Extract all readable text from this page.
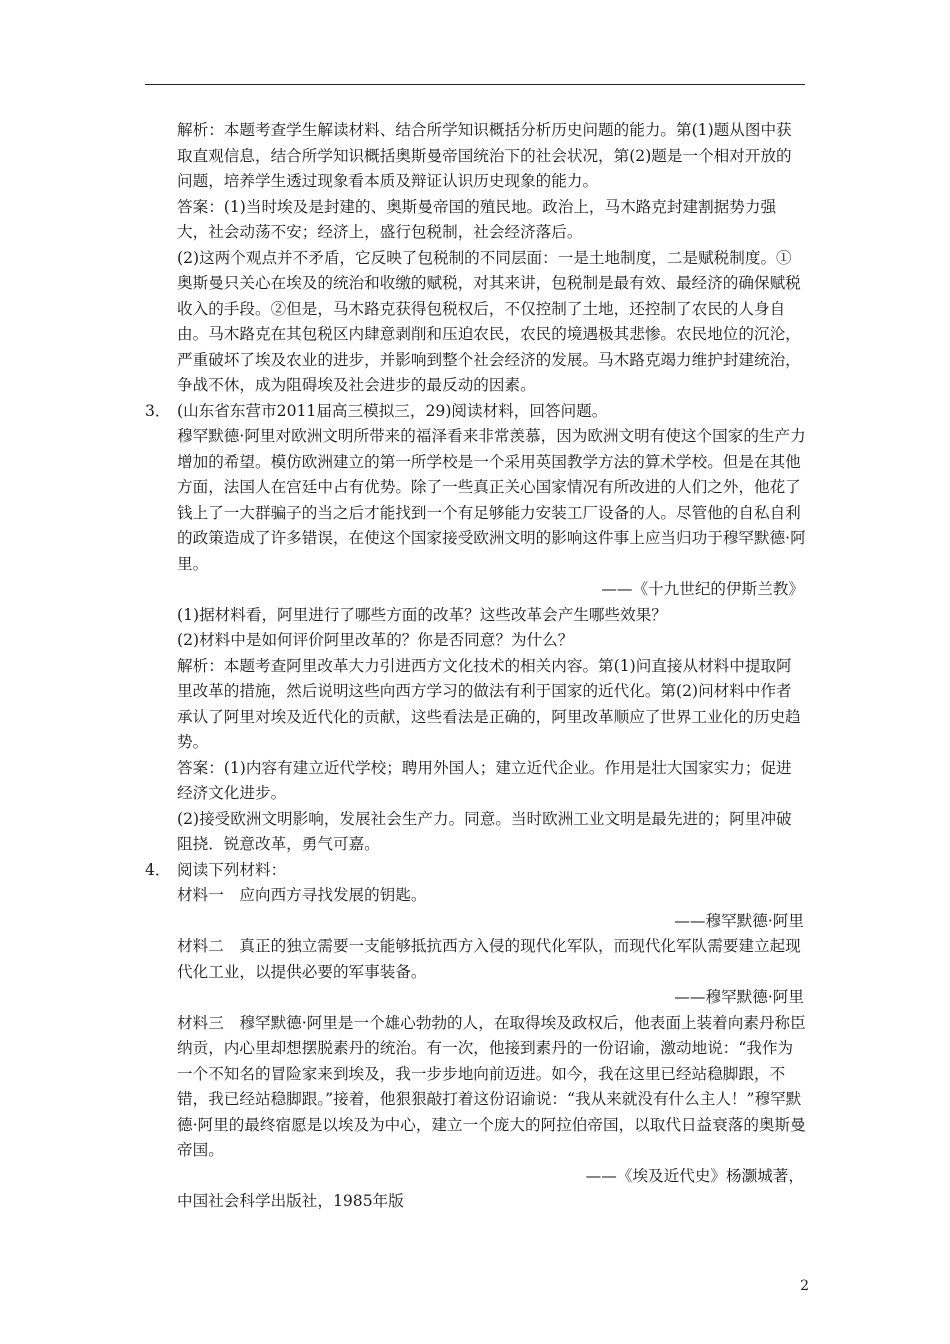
解析：本题考查学生解读材料、结合所学知识概括分析历史问题的能力。第(1)题从图中获取直观信息，结合所学知识概括奥斯曼帝国统治下的社会状况，第(2)题是一个相对开放的问题，培养学生透过现象看本质及辩证认识历史现象的能力。

答案：(1)当时埃及是封建的、奥斯曼帝国的殖民地。政治上，马木路克封建割据势力强大，社会动荡不安；经济上，盛行包税制，社会经济落后。

(2)这两个观点并不矛盾，它反映了包税制的不同层面：一是土地制度，二是赋税制度。①奥斯曼只关心在埃及的统治和收缴的赋税，对其来讲，包税制是最有效、最经济的确保赋税收入的手段。②但是，马木路克获得包税权后，不仅控制了土地，还控制了农民的人身自由。马木路克在其包税区内肆意剥削和压迫农民，农民的境遇极其悲惨。农民地位的沉沦，严重破坏了埃及农业的进步，并影响到整个社会经济的发展。马木路克竭力维护封建统治，争战不休，成为阻碍埃及社会进步的最反动的因素。

3． (山东省东营市2011届高三模拟三，29)阅读材料，回答问题。

穆罕默德·阿里对欧洲文明所带来的福泽看来非常羡慕，因为欧洲文明有使这个国家的生产力增加的希望。模仿欧洲建立的第一所学校是一个采用英国教学方法的算术学校。但是在其他方面，法国人在宫廷中占有优势。除了一些真正关心国家情况有所改进的人们之外，他花了钱上了一大群骗子的当之后才能找到一个有足够能力安装工厂设备的人。尽管他的自私自利的政策造成了许多错误，在使这个国家接受欧洲文明的影响这件事上应当归功于穆罕默德·阿里。

——《十九世纪的伊斯兰教》

(1)据材料看，阿里进行了哪些方面的改革？这些改革会产生哪些效果？

(2)材料中是如何评价阿里改革的？你是否同意？为什么？

解析：本题考查阿里改革大力引进西方文化技术的相关内容。第(1)问直接从材料中提取阿里改革的措施，然后说明这些向西方学习的做法有利于国家的近代化。第(2)问材料中作者承认了阿里对埃及近代化的贡献，这些看法是正确的，阿里改革顺应了世界工业化的历史趋势。

答案：(1)内容有建立近代学校；聘用外国人；建立近代企业。作用是壮大国家实力；促进经济文化进步。

(2)接受欧洲文明影响，发展社会生产力。同意。当时欧洲工业文明是最先进的；阿里冲破阻挠．锐意改革，勇气可嘉。

4． 阅读下列材料：

材料一　应向西方寻找发展的钥匙。

——穆罕默德·阿里

材料二　真正的独立需要一支能够抵抗西方入侵的现代化军队，而现代化军队需要建立起现代化工业，以提供必要的军事装备。

——穆罕默德·阿里

材料三　穆罕默德·阿里是一个雄心勃勃的人，在取得埃及政权后，他表面上装着向素丹称臣纳贡，内心里却想摆脱素丹的统治。有一次，他接到素丹的一份诏谕，激动地说：“我作为一个不知名的冒险家来到埃及，我一步步地向前迈进。如今，我在这里已经站稳脚跟，不错，我已经站稳脚跟。”接着，他狠狠敲打着这份诏谕说：“我从来就没有什么主人！”穆罕默德·阿里的最终宿愿是以埃及为中心，建立一个庞大的阿拉伯帝国，以取代日益衰落的奥斯曼帝国。

——《埃及近代史》杨灏城著，

中国社会科学出版社，1985年版

2
